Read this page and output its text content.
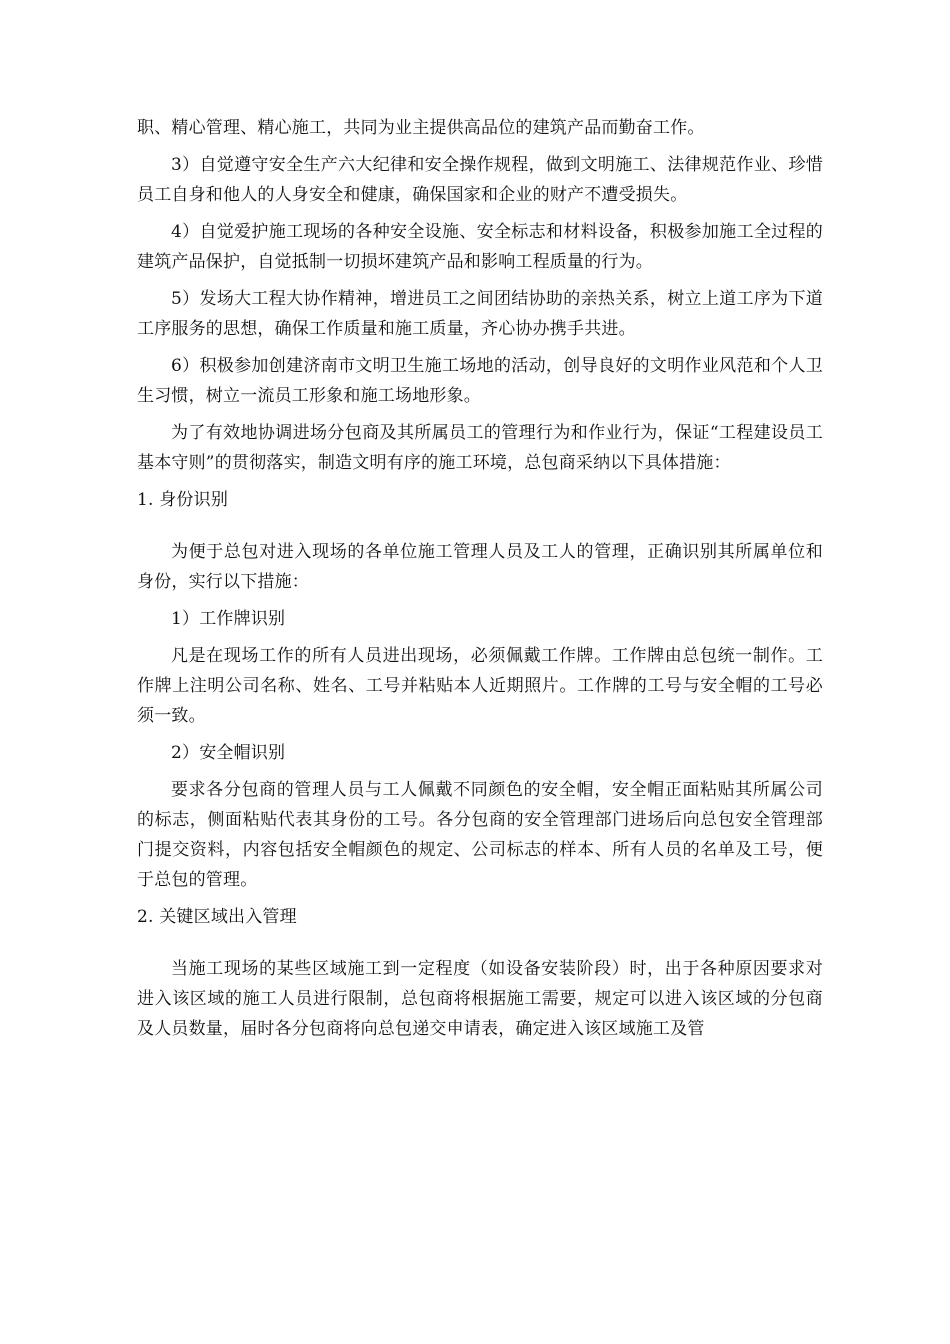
职、精心管理、精心施工，共同为业主提供高品位的建筑产品而勤奋工作。

3）自觉遵守安全生产六大纪律和安全操作规程，做到文明施工、法律规范作业、珍惜员工自身和他人的人身安全和健康，确保国家和企业的财产不遭受损失。

4）自觉爱护施工现场的各种安全设施、安全标志和材料设备，积极参加施工全过程的建筑产品保护，自觉抵制一切损坏建筑产品和影响工程质量的行为。

5）发场大工程大协作精神，增进员工之间团结协助的亲热关系，树立上道工序为下道工序服务的思想，确保工作质量和施工质量，齐心协办携手共进。

6）积极参加创建济南市文明卫生施工场地的活动，创导良好的文明作业风范和个人卫生习惯，树立一流员工形象和施工场地形象。

为了有效地协调进场分包商及其所属员工的管理行为和作业行为，保证“工程建设员工基本守则”的贯彻落实，制造文明有序的施工环境，总包商采纳以下具体措施：

1. 身份识别

为便于总包对进入现场的各单位施工管理人员及工人的管理，正确识别其所属单位和身份，实行以下措施：

1）工作牌识别

凡是在现场工作的所有人员进出现场，必须佩戴工作牌。工作牌由总包统一制作。工作牌上注明公司名称、姓名、工号并粘贴本人近期照片。工作牌的工号与安全帽的工号必须一致。

2）安全帽识别

要求各分包商的管理人员与工人佩戴不同颜色的安全帽，安全帽正面粘贴其所属公司的标志，侧面粘贴代表其身份的工号。各分包商的安全管理部门进场后向总包安全管理部门提交资料，内容包括安全帽颜色的规定、公司标志的样本、所有人员的名单及工号，便于总包的管理。

2. 关键区域出入管理

当施工现场的某些区域施工到一定程度（如设备安装阶段）时，出于各种原因要求对进入该区域的施工人员进行限制，总包商将根据施工需要，规定可以进入该区域的分包商及人员数量，届时各分包商将向总包递交申请表，确定进入该区域施工及管
